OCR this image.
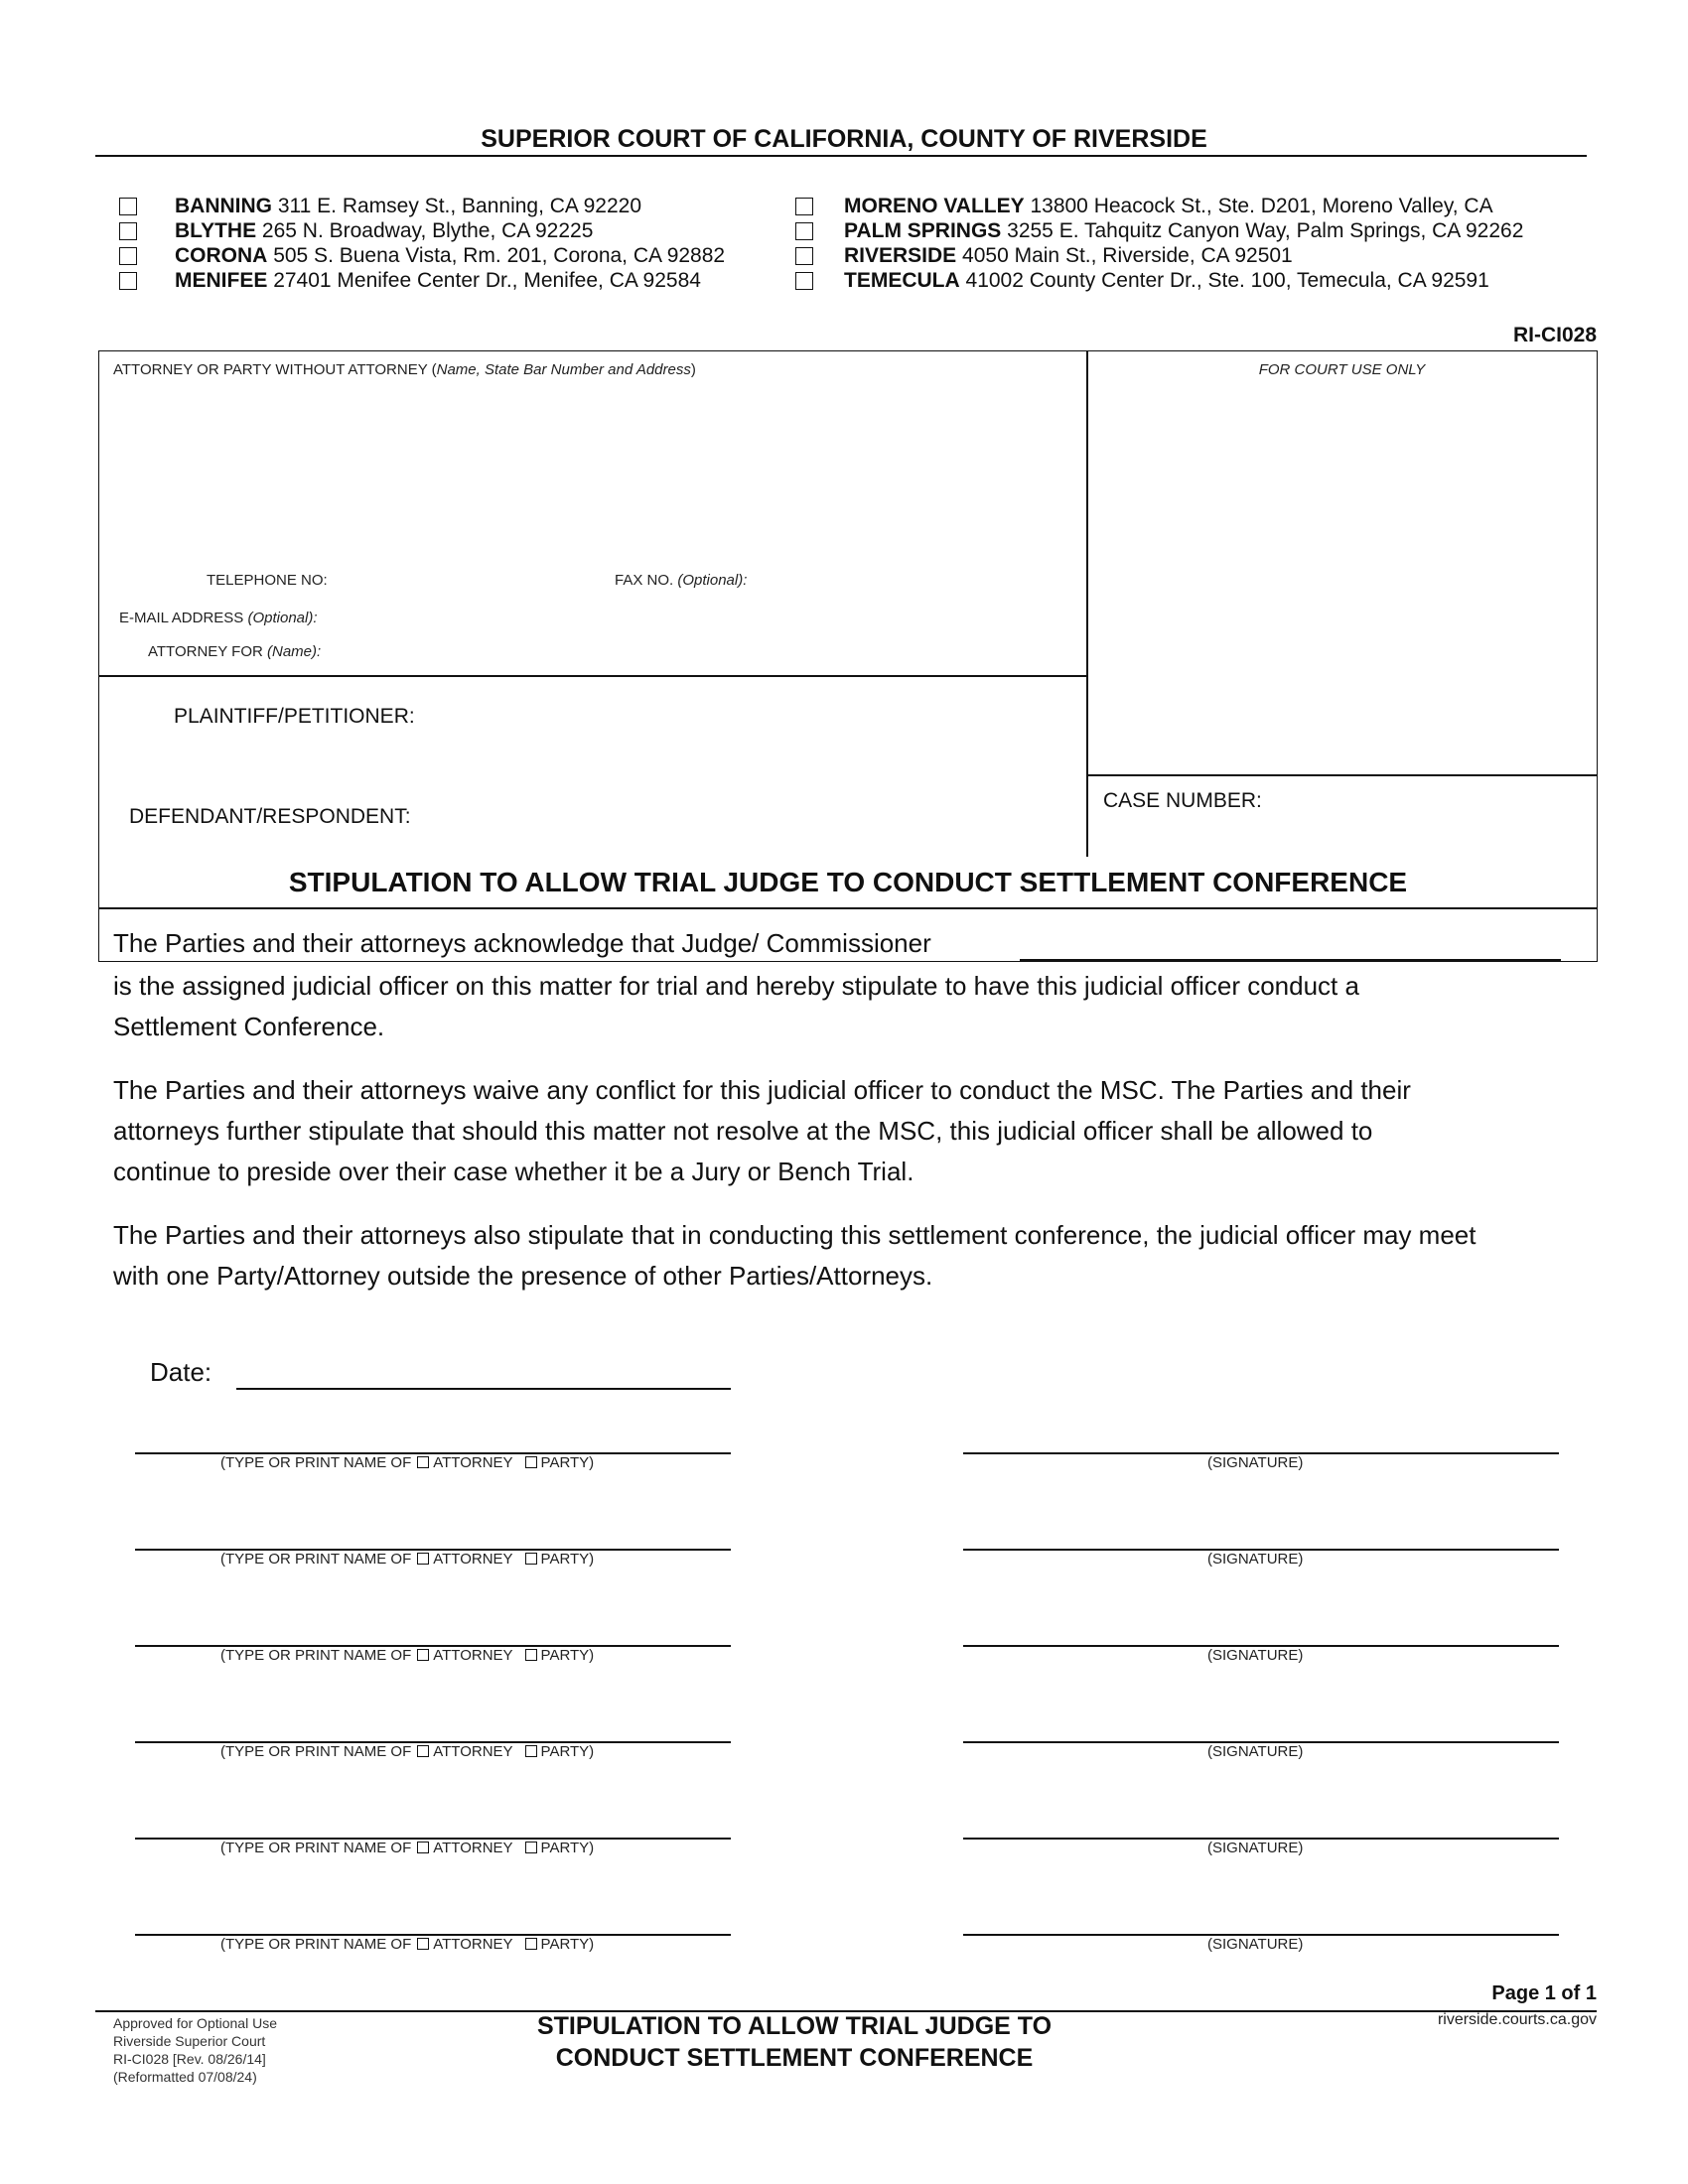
SUPERIOR COURT OF CALIFORNIA, COUNTY OF RIVERSIDE
BANNING 311 E. Ramsey St., Banning, CA 92220
BLYTHE 265 N. Broadway, Blythe, CA 92225
CORONA 505 S. Buena Vista, Rm. 201, Corona, CA 92882
MENIFEE 27401 Menifee Center Dr., Menifee, CA 92584
MORENO VALLEY 13800 Heacock St., Ste. D201, Moreno Valley, CA
PALM SPRINGS 3255 E. Tahquitz Canyon Way, Palm Springs, CA 92262
RIVERSIDE 4050 Main St., Riverside, CA 92501
TEMECULA 41002 County Center Dr., Ste. 100, Temecula, CA 92591
RI-CI028
ATTORNEY OR PARTY WITHOUT ATTORNEY (Name, State Bar Number and Address)	FOR COURT USE ONLY
TELEPHONE NO:	FAX NO. (Optional):
E-MAIL ADDRESS (Optional):
ATTORNEY FOR (Name):
PLAINTIFF/PETITIONER:
DEFENDANT/RESPONDENT:
CASE NUMBER:
STIPULATION TO ALLOW TRIAL JUDGE TO CONDUCT SETTLEMENT CONFERENCE
The Parties and their attorneys acknowledge that Judge/ Commissioner
is the assigned judicial officer on this matter for trial and hereby stipulate to have this judicial officer conduct a
Settlement Conference.
The Parties and their attorneys waive any conflict for this judicial officer to conduct the MSC. The Parties and their
attorneys further stipulate that should this matter not resolve at the MSC, this judicial officer shall be allowed to
continue to preside over their case whether it be a Jury or Bench Trial.
The Parties and their attorneys also stipulate that in conducting this settlement conference, the judicial officer may meet
with one Party/Attorney outside the presence of other Parties/Attorneys.
Date:
(TYPE OR PRINT NAME OF ATTORNEY PARTY)	(SIGNATURE)
(TYPE OR PRINT NAME OF ATTORNEY PARTY)	(SIGNATURE)
(TYPE OR PRINT NAME OF ATTORNEY PARTY)	(SIGNATURE)
(TYPE OR PRINT NAME OF ATTORNEY PARTY)	(SIGNATURE)
(TYPE OR PRINT NAME OF ATTORNEY PARTY)	(SIGNATURE)
(TYPE OR PRINT NAME OF ATTORNEY PARTY)	(SIGNATURE)
Approved for Optional Use
Riverside Superior Court
RI-CI028 [Rev. 08/26/14]
(Reformatted 07/08/24)
STIPULATION TO ALLOW TRIAL JUDGE TO
CONDUCT SETTLEMENT CONFERENCE
Page 1 of 1
riverside.courts.ca.gov
